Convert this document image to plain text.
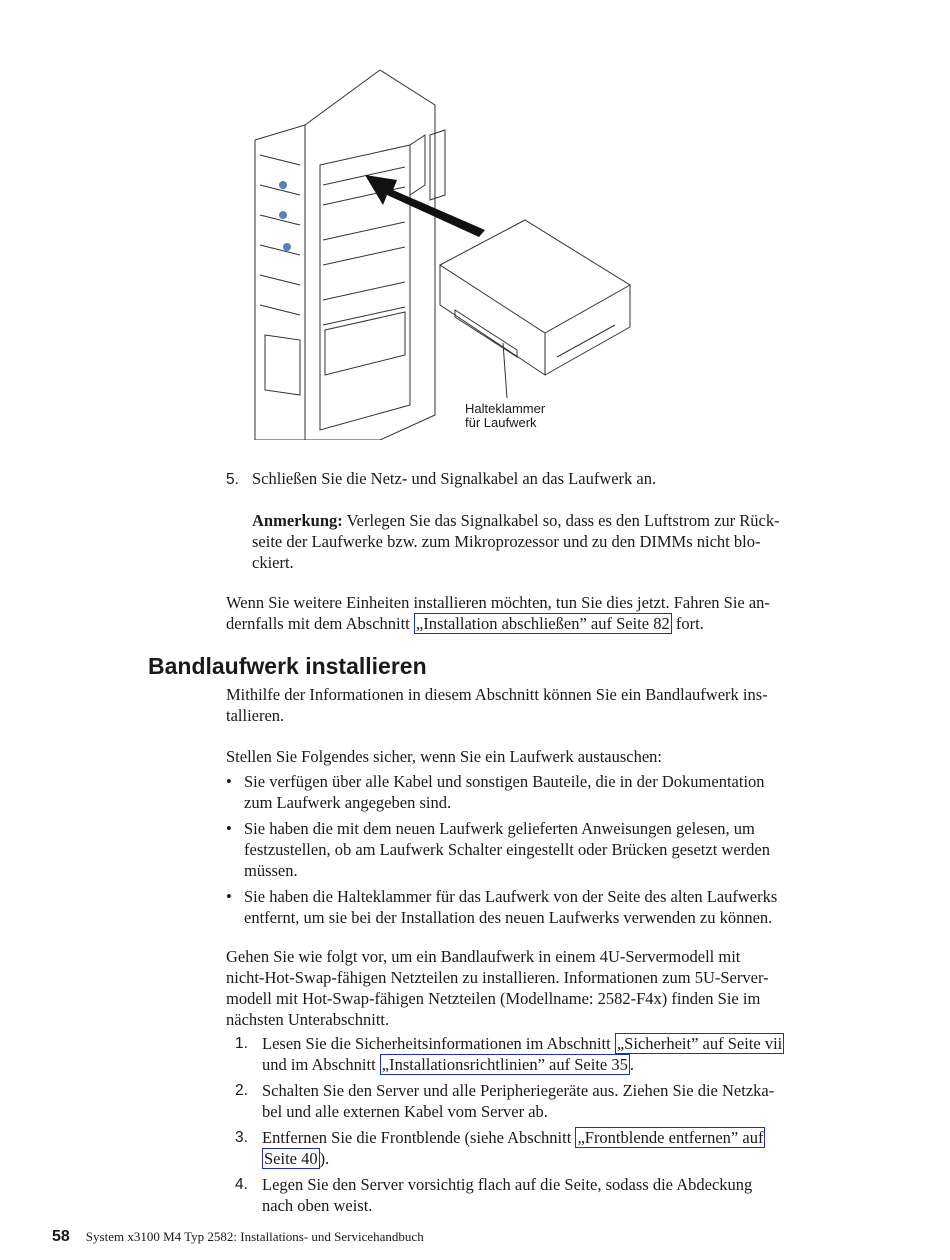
Halteklammer
für Laufwerk
5. Schließen Sie die Netz- und Signalkabel an das Laufwerk an.
Anmerkung: Verlegen Sie das Signalkabel so, dass es den Luftstrom zur Rück-
seite der Laufwerke bzw. zum Mikroprozessor und zu den DIMMs nicht blo-
ckiert.
Wenn Sie weitere Einheiten installieren möchten, tun Sie dies jetzt. Fahren Sie an-
dernfalls mit dem Abschnitt „Installation abschließen” auf Seite 82 fort.
Bandlaufwerk installieren
Mithilfe der Informationen in diesem Abschnitt können Sie ein Bandlaufwerk ins-
tallieren.
Stellen Sie Folgendes sicher, wenn Sie ein Laufwerk austauschen:
• Sie verfügen über alle Kabel und sonstigen Bauteile, die in der Dokumentation
zum Laufwerk angegeben sind.
• Sie haben die mit dem neuen Laufwerk gelieferten Anweisungen gelesen, um
festzustellen, ob am Laufwerk Schalter eingestellt oder Brücken gesetzt werden
müssen.
• Sie haben die Halteklammer für das Laufwerk von der Seite des alten Laufwerks
entfernt, um sie bei der Installation des neuen Laufwerks verwenden zu können.
Gehen Sie wie folgt vor, um ein Bandlaufwerk in einem 4U-Servermodell mit
nicht-Hot-Swap-fähigen Netzteilen zu installieren. Informationen zum 5U-Server-
modell mit Hot-Swap-fähigen Netzteilen (Modellname: 2582-F4x) finden Sie im
nächsten Unterabschnitt.
1. Lesen Sie die Sicherheitsinformationen im Abschnitt „Sicherheit” auf Seite vii
und im Abschnitt „Installationsrichtlinien” auf Seite 35 .
2. Schalten Sie den Server und alle Peripheriegeräte aus. Ziehen Sie die Netzka-
bel und alle externen Kabel vom Server ab.
3. Entfernen Sie die Frontblende (siehe Abschnitt „Frontblende entfernen” auf
Seite 40 ).
4. Legen Sie den Server vorsichtig flach auf die Seite, sodass die Abdeckung
nach oben weist.
58 System x3100 M4 Typ 2582: Installations- und Servicehandbuch
